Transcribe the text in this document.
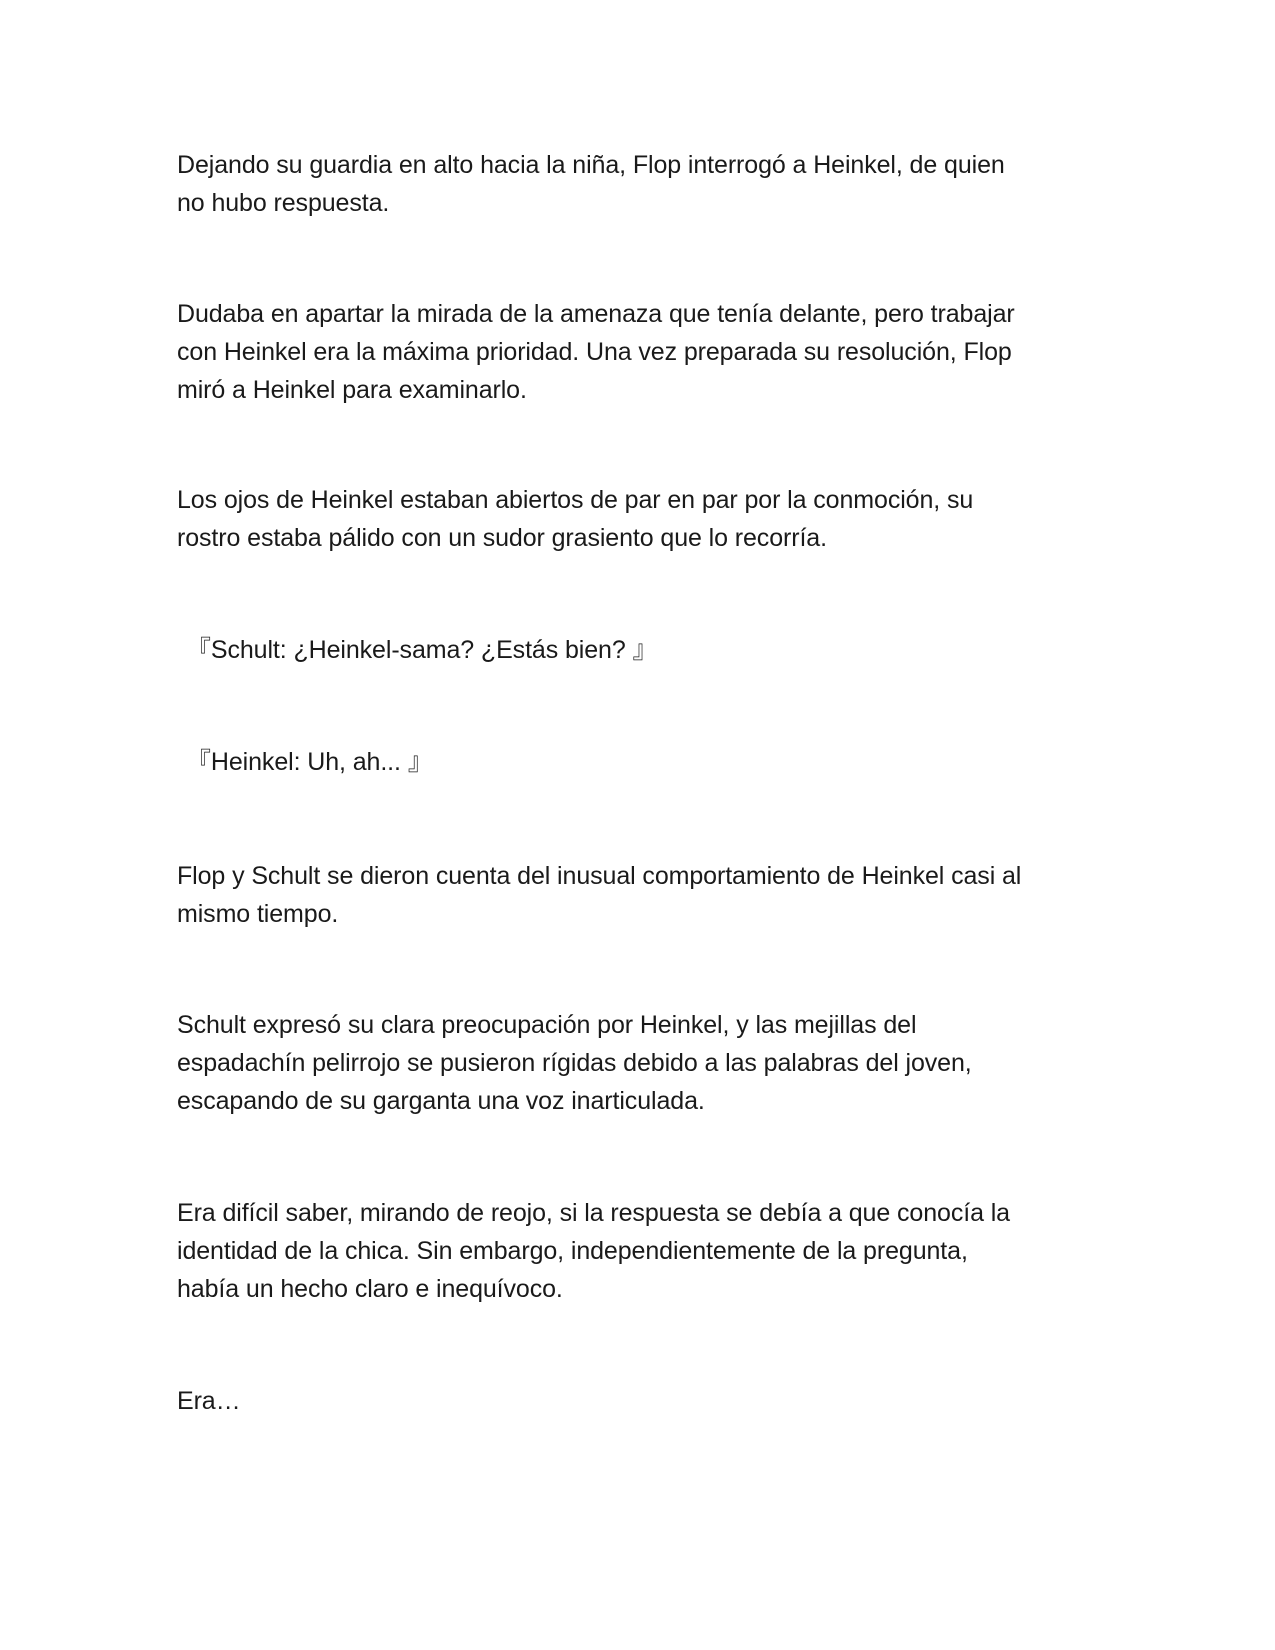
Dejando su guardia en alto hacia la niña, Flop interrogó a Heinkel, de quien
no hubo respuesta.

Dudaba en apartar la mirada de la amenaza que tenía delante, pero trabajar
con Heinkel era la máxima prioridad. Una vez preparada su resolución, Flop
miró a Heinkel para examinarlo.

Los ojos de Heinkel estaban abiertos de par en par por la conmoción, su
rostro estaba pálido con un sudor grasiento que lo recorría.

『Schult: ¿Heinkel-sama? ¿Estás bien? 』

『Heinkel: Uh, ah... 』

Flop y Schult se dieron cuenta del inusual comportamiento de Heinkel casi al
mismo tiempo.

Schult expresó su clara preocupación por Heinkel, y las mejillas del
espadachín pelirrojo se pusieron rígidas debido a las palabras del joven,
escapando de su garganta una voz inarticulada.

Era difícil saber, mirando de reojo, si la respuesta se debía a que conocía la
identidad de la chica. Sin embargo, independientemente de la pregunta,
había un hecho claro e inequívoco.

Era…
